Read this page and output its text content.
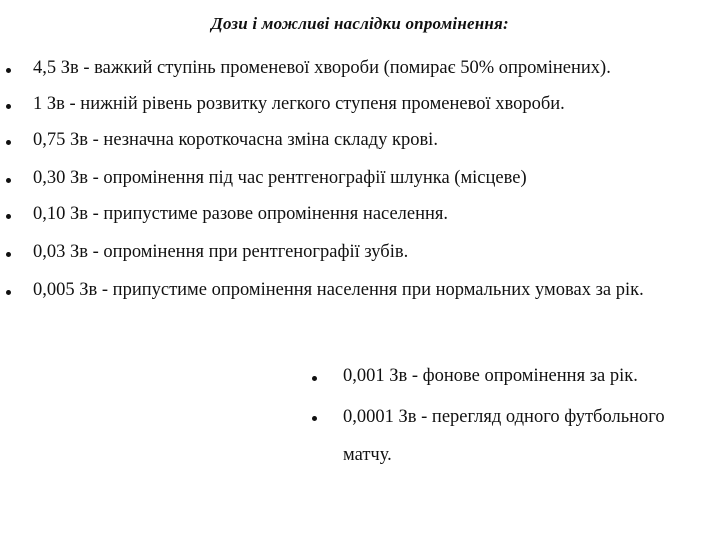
Дози і можливі наслідки опромінення:
4,5 Зв - важкий ступінь променевої хвороби (помирає 50% опромінених).
1 Зв - нижній рівень розвитку легкого ступеня променевої хвороби.
0,75 Зв - незначна короткочасна зміна складу крові.
0,30 Зв - опромінення під час рентгенографії шлунка (місцеве)
0,10 Зв - припустиме разове опромінення населення.
0,03 Зв - опромінення при рентгенографії зубів.
0,005 Зв - припустиме опромінення населення при нормальних умовах за рік.
0,001 Зв - фонове опромінення за рік.
0,0001 Зв - перегляд одного футбольного матчу.
